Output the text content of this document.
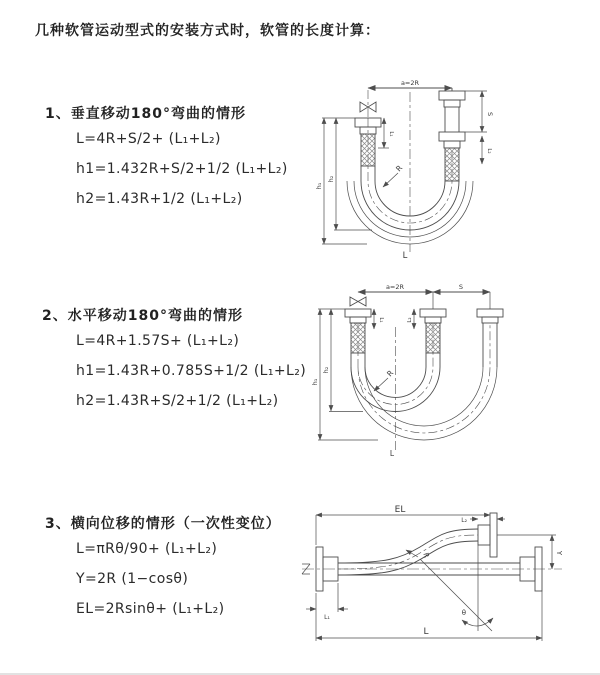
几种软管运动型式的安装方式时，软管的长度计算：
1、垂直移动180°弯曲的情形
L=4R+S/2+ (L₁+L₂)
h1=1.432R+S/2+1/2 (L₁+L₂)
h2=1.43R+1/2 (L₁+L₂)
2、水平移动180°弯曲的情形
L=4R+1.57S+ (L₁+L₂)
h1=1.43R+0.785S+1/2 (L₁+L₂)
h2=1.43R+S/2+1/2 (L₁+L₂)
3、横向位移的情形（一次性变位）
L=πRθ/90+ (L₁+L₂)
Y=2R (1−cosθ)
EL=2Rsinθ+ (L₁+L₂)
a=2R
S
L₂
L₁
h₁
h₂
R
L
a=2R	S
L₁	L₂
h₁
h₂	R
L
EL
L₂
Y
R
θ
L
L₁
